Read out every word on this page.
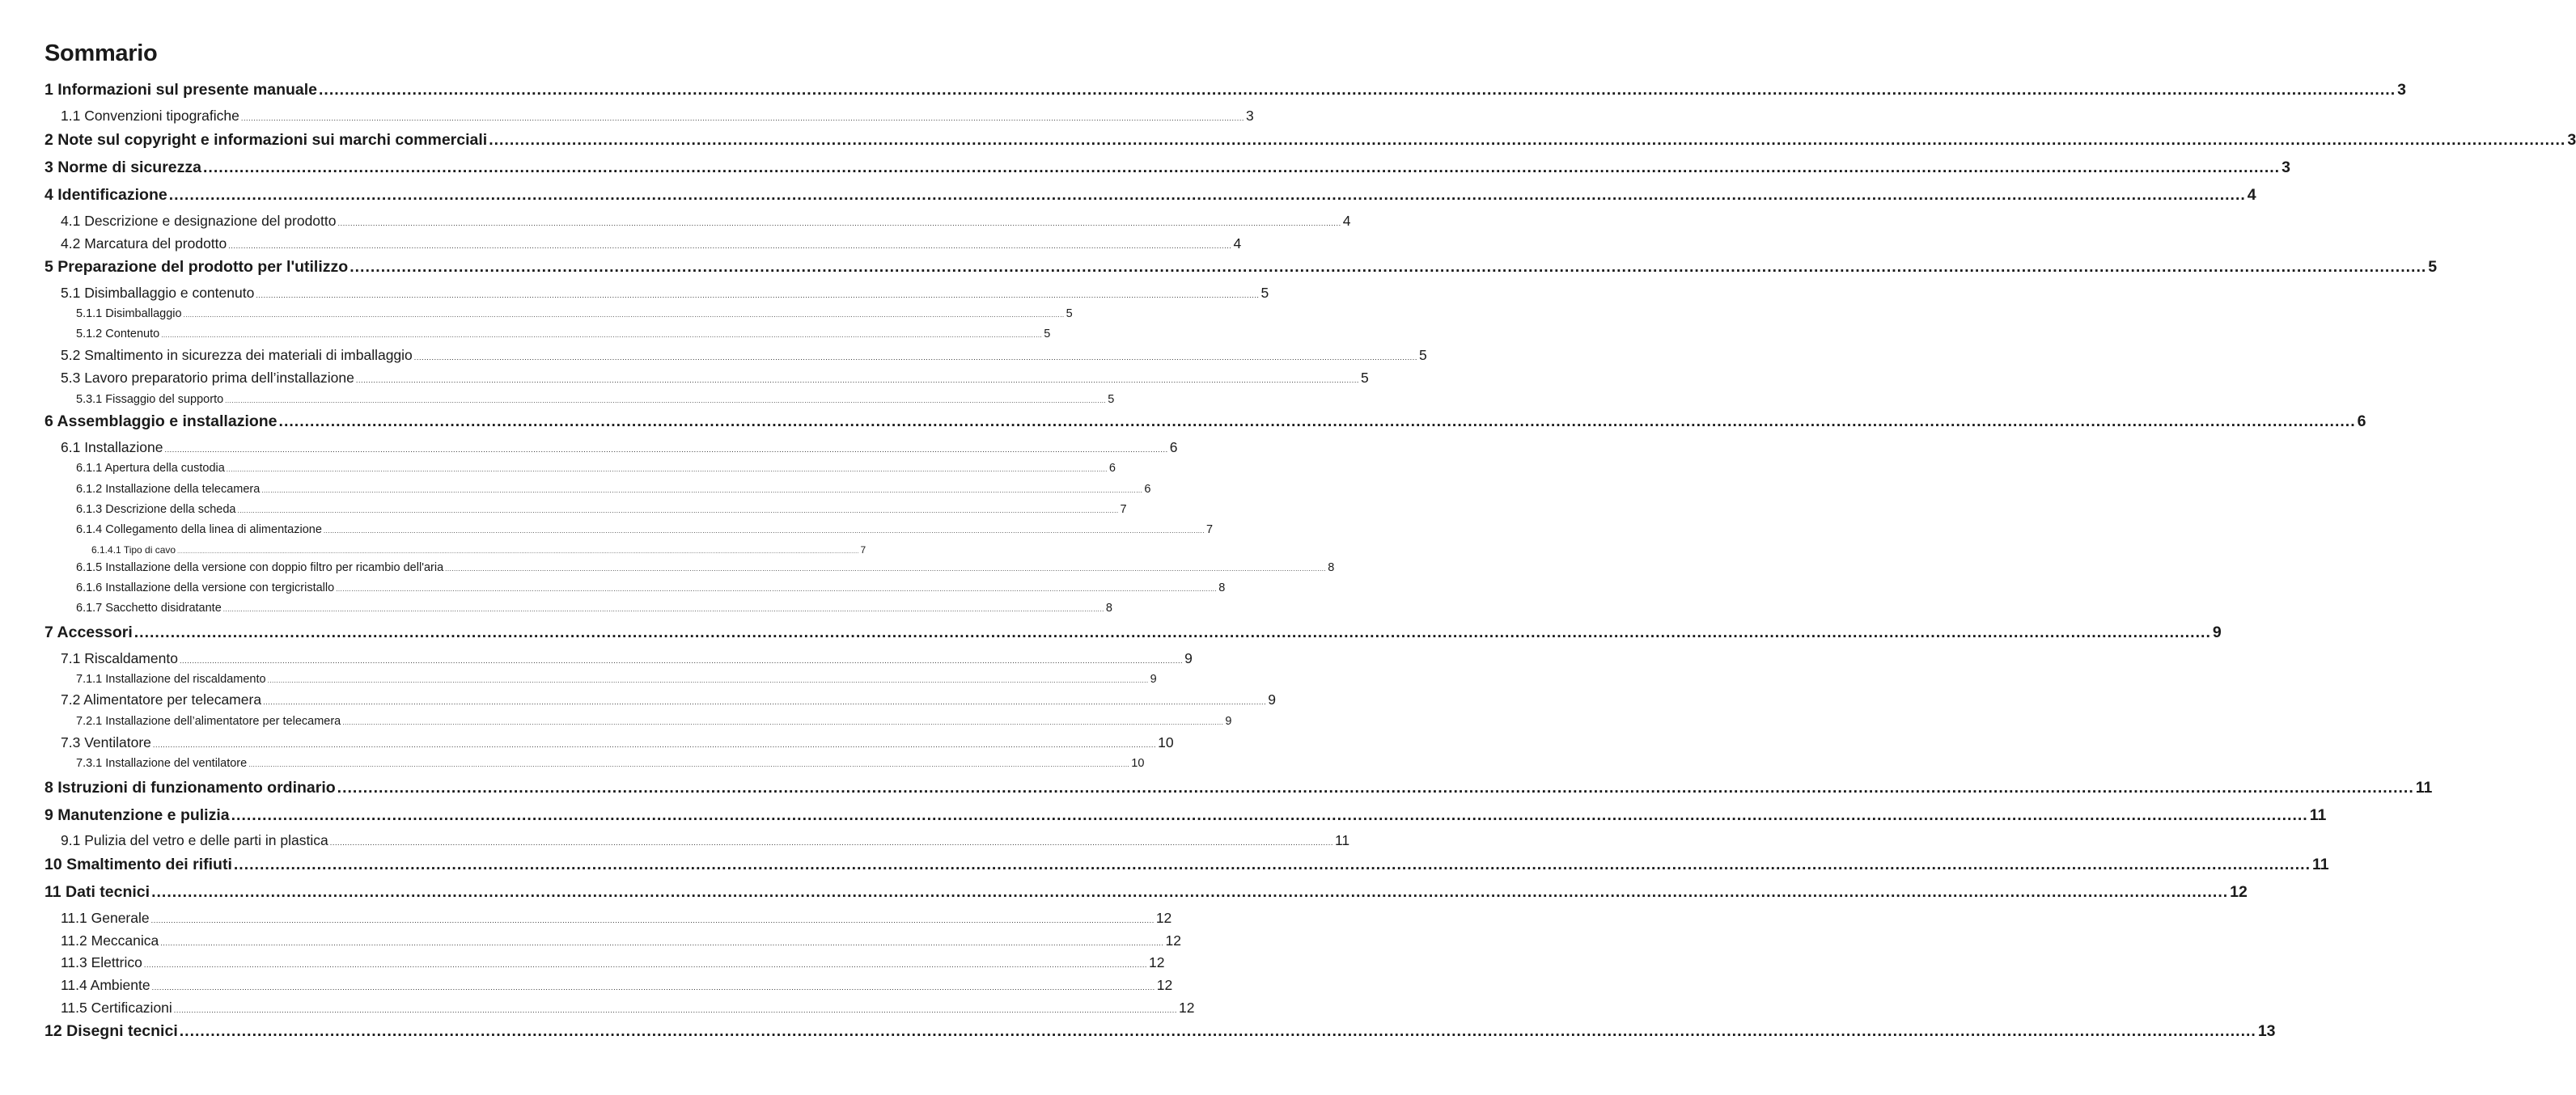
Sommario
1 Informazioni sul presente manuale ................................................................................................................................................................................................................................................................................................................................................................................................................ 3
1.1 Convenzioni tipografiche ................................................................................................................................................................................................................................................................................................................................................................................................................ 3
2 Note sul copyright e informazioni sui marchi commerciali ................................................................................................................................................................................................................................................................................................................................................................................................................ 3
3 Norme di sicurezza ................................................................................................................................................................................................................................................................................................................................................................................................................ 3
4 Identificazione ................................................................................................................................................................................................................................................................................................................................................................................................................ 4
4.1 Descrizione e designazione del prodotto ................................................................................................................................................................................................................................................................................................................................................................................................................ 4
4.2 Marcatura del prodotto ................................................................................................................................................................................................................................................................................................................................................................................................................ 4
5 Preparazione del prodotto per l'utilizzo ................................................................................................................................................................................................................................................................................................................................................................................................................ 5
5.1 Disimballaggio e contenuto ................................................................................................................................................................................................................................................................................................................................................................................................................ 5
5.1.1 Disimballaggio ................................................................................................................................................................................................................................................................................................................................................................................................................ 5
5.1.2 Contenuto ................................................................................................................................................................................................................................................................................................................................................................................................................ 5
5.2 Smaltimento in sicurezza dei materiali di imballaggio ................................................................................................................................................................................................................................................................................................................................................................................................................ 5
5.3 Lavoro preparatorio prima dell’installazione ................................................................................................................................................................................................................................................................................................................................................................................................................ 5
5.3.1 Fissaggio del supporto ................................................................................................................................................................................................................................................................................................................................................................................................................ 5
6 Assemblaggio e installazione ................................................................................................................................................................................................................................................................................................................................................................................................................ 6
6.1 Installazione ................................................................................................................................................................................................................................................................................................................................................................................................................ 6
6.1.1 Apertura della custodia ................................................................................................................................................................................................................................................................................................................................................................................................................ 6
6.1.2 Installazione della telecamera ................................................................................................................................................................................................................................................................................................................................................................................................................ 6
6.1.3 Descrizione della scheda ................................................................................................................................................................................................................................................................................................................................................................................................................ 7
6.1.4 Collegamento della linea di alimentazione ................................................................................................................................................................................................................................................................................................................................................................................................................ 7
6.1.4.1 Tipo di cavo ................................................................................................................................................................................................................................................................................................................................................................................................................ 7
6.1.5 Installazione della versione con doppio filtro per ricambio dell'aria ................................................................................................................................................................................................................................................................................................................................................................................................................ 8
6.1.6 Installazione della versione con tergicristallo ................................................................................................................................................................................................................................................................................................................................................................................................................ 8
6.1.7 Sacchetto disidratante ................................................................................................................................................................................................................................................................................................................................................................................................................ 8
7 Accessori ................................................................................................................................................................................................................................................................................................................................................................................................................ 9
7.1 Riscaldamento ................................................................................................................................................................................................................................................................................................................................................................................................................ 9
7.1.1 Installazione del riscaldamento ................................................................................................................................................................................................................................................................................................................................................................................................................ 9
7.2 Alimentatore per telecamera ................................................................................................................................................................................................................................................................................................................................................................................................................ 9
7.2.1 Installazione dell’alimentatore per telecamera ................................................................................................................................................................................................................................................................................................................................................................................................................ 9
7.3 Ventilatore ................................................................................................................................................................................................................................................................................................................................................................................................................ 10
7.3.1 Installazione del ventilatore ................................................................................................................................................................................................................................................................................................................................................................................................................ 10
8 Istruzioni di funzionamento ordinario ................................................................................................................................................................................................................................................................................................................................................................................................................ 11
9 Manutenzione e pulizia ................................................................................................................................................................................................................................................................................................................................................................................................................ 11
9.1 Pulizia del vetro e delle parti in plastica ................................................................................................................................................................................................................................................................................................................................................................................................................ 11
10 Smaltimento dei rifiuti ................................................................................................................................................................................................................................................................................................................................................................................................................ 11
11 Dati tecnici ................................................................................................................................................................................................................................................................................................................................................................................................................ 12
11.1 Generale ................................................................................................................................................................................................................................................................................................................................................................................................................ 12
11.2 Meccanica ................................................................................................................................................................................................................................................................................................................................................................................................................ 12
11.3 Elettrico ................................................................................................................................................................................................................................................................................................................................................................................................................ 12
11.4 Ambiente ................................................................................................................................................................................................................................................................................................................................................................................................................ 12
11.5 Certificazioni ................................................................................................................................................................................................................................................................................................................................................................................................................ 12
12 Disegni tecnici ................................................................................................................................................................................................................................................................................................................................................................................................................ 13
